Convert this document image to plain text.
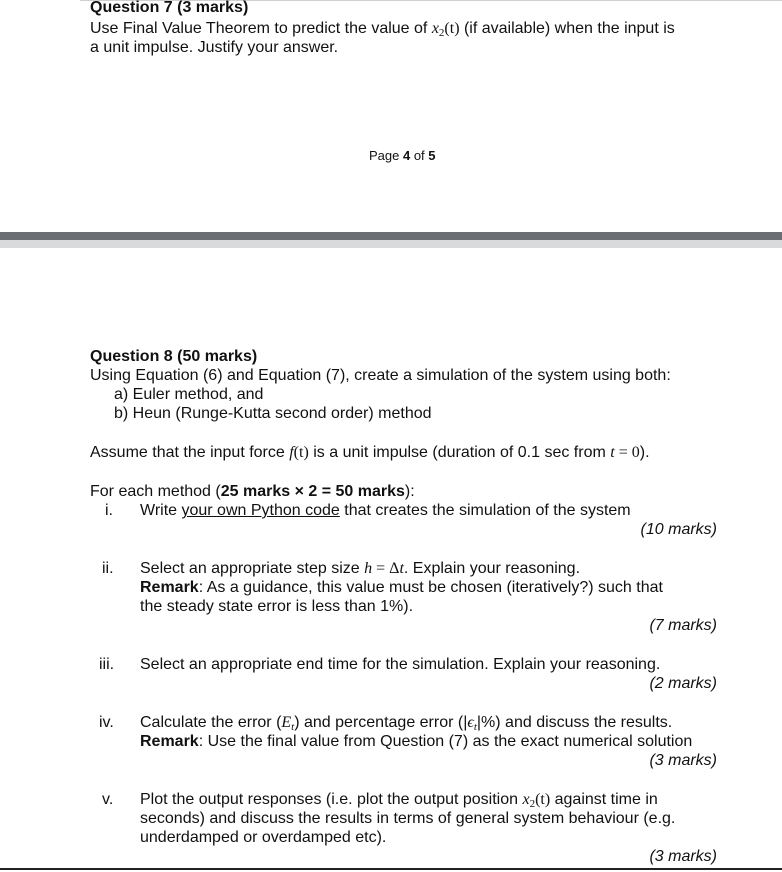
Question 7 (3 marks)
Use Final Value Theorem to predict the value of $x_2(t)$ (if available) when the input is
a unit impulse. Justify your answer.
Page 4 of 5
Question 8 (50 marks)
Using Equation (6) and Equation (7), create a simulation of the system using both:
a) Euler method, and
b) Heun (Runge-Kutta second order) method
Assume that the input force f(t) is a unit impulse (duration of 0.1 sec from t = 0).
For each method (25 marks × 2 = 50 marks):
i. Write your own Python code that creates the simulation of the system
(10 marks)
ii. Select an appropriate step size h = Δt. Explain your reasoning.
Remark: As a guidance, this value must be chosen (iteratively?) such that
the steady state error is less than 1%).
(7 marks)
iii. Select an appropriate end time for the simulation. Explain your reasoning.
(2 marks)
iv. Calculate the error $(E_t)$ and percentage error $(|\epsilon_t|\%)$ and discuss the results.
Remark: Use the final value from Question (7) as the exact numerical solution
(3 marks)
v. Plot the output responses (i.e. plot the output position $x_2(t)$ against time in
seconds) and discuss the results in terms of general system behaviour (e.g.
underdamped or overdamped etc).
(3 marks)
